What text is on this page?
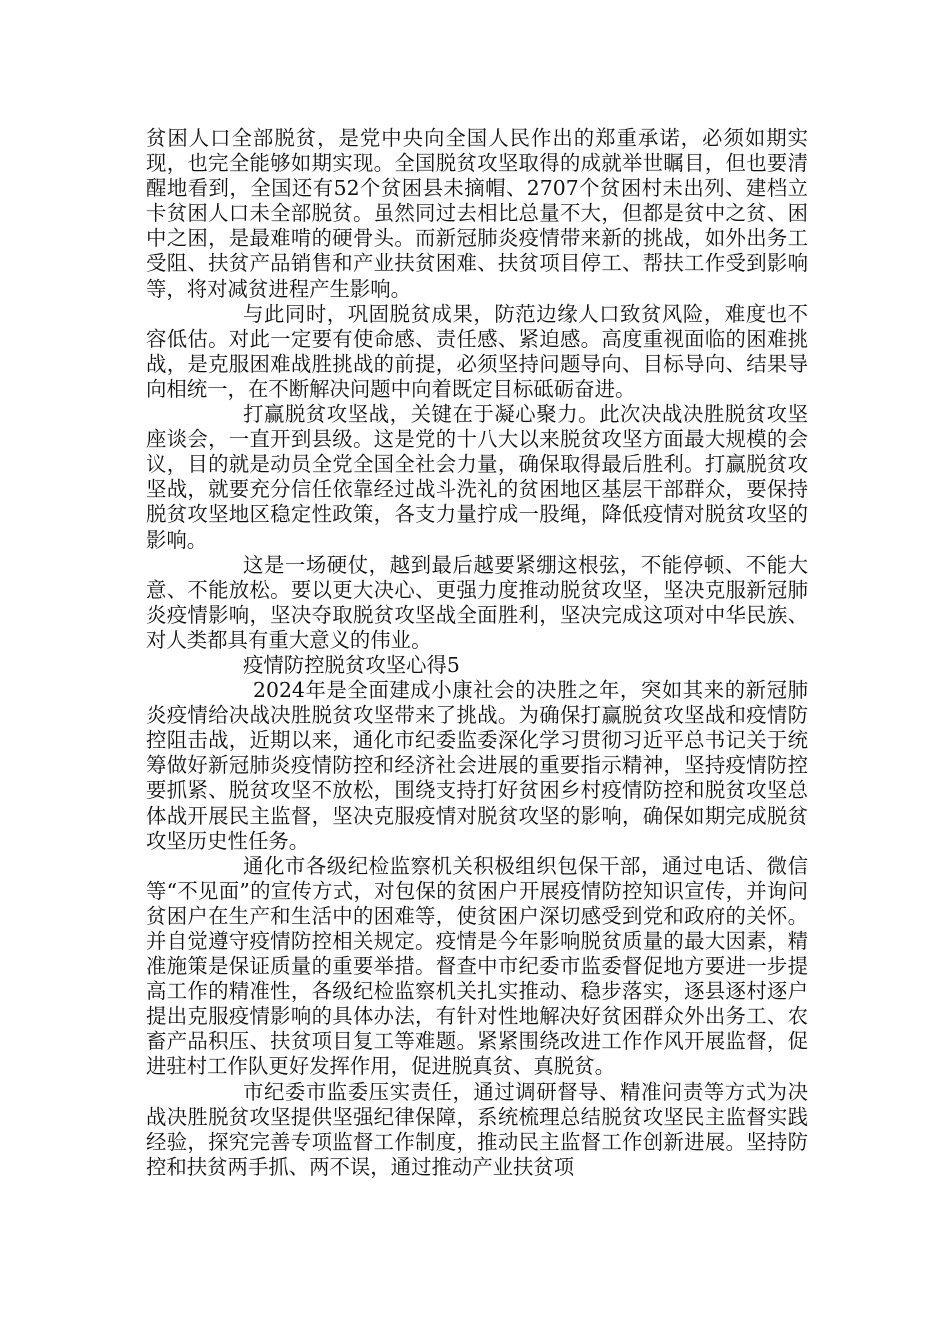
贫困人口全部脱贫，是党中央向全国人民作出的郑重承诺，必须如期实现，也完全能够如期实现。全国脱贫攻坚取得的成就举世瞩目，但也要清醒地看到，全国还有52个贫困县未摘帽、2707个贫困村未出列、建档立卡贫困人口未全部脱贫。虽然同过去相比总量不大，但都是贫中之贫、困中之困，是最难啃的硬骨头。而新冠肺炎疫情带来新的挑战，如外出务工受阻、扶贫产品销售和产业扶贫困难、扶贫项目停工、帮扶工作受到影响等，将对减贫进程产生影响。

与此同时，巩固脱贫成果，防范边缘人口致贫风险，难度也不容低估。对此一定要有使命感、责任感、紧迫感。高度重视面临的困难挑战，是克服困难战胜挑战的前提，必须坚持问题导向、目标导向、结果导向相统一，在不断解决问题中向着既定目标砥砺奋进。

打赢脱贫攻坚战，关键在于凝心聚力。此次决战决胜脱贫攻坚座谈会，一直开到县级。这是党的十八大以来脱贫攻坚方面最大规模的会议，目的就是动员全党全国全社会力量，确保取得最后胜利。打赢脱贫攻坚战，就要充分信任依靠经过战斗洗礼的贫困地区基层干部群众，要保持脱贫攻坚地区稳定性政策，各支力量拧成一股绳，降低疫情对脱贫攻坚的影响。

这是一场硬仗，越到最后越要紧绷这根弦，不能停顿、不能大意、不能放松。要以更大决心、更强力度推动脱贫攻坚，坚决克服新冠肺炎疫情影响，坚决夺取脱贫攻坚战全面胜利，坚决完成这项对中华民族、对人类都具有重大意义的伟业。

疫情防控脱贫攻坚心得5

2024年是全面建成小康社会的决胜之年，突如其来的新冠肺炎疫情给决战决胜脱贫攻坚带来了挑战。为确保打赢脱贫攻坚战和疫情防控阻击战，近期以来，通化市纪委监委深化学习贯彻习近平总书记关于统筹做好新冠肺炎疫情防控和经济社会进展的重要指示精神，坚持疫情防控要抓紧、脱贫攻坚不放松，围绕支持打好贫困乡村疫情防控和脱贫攻坚总体战开展民主监督，坚决克服疫情对脱贫攻坚的影响，确保如期完成脱贫攻坚历史性任务。

通化市各级纪检监察机关积极组织包保干部，通过电话、微信等“不见面”的宣传方式，对包保的贫困户开展疫情防控知识宣传，并询问贫困户在生产和生活中的困难等，使贫困户深切感受到党和政府的关怀。并自觉遵守疫情防控相关规定。疫情是今年影响脱贫质量的最大因素，精准施策是保证质量的重要举措。督查中市纪委市监委督促地方要进一步提高工作的精准性，各级纪检监察机关扎实推动、稳步落实，逐县逐村逐户提出克服疫情影响的具体办法，有针对性地解决好贫困群众外出务工、农畜产品积压、扶贫项目复工等难题。紧紧围绕改进工作作风开展监督，促进驻村工作队更好发挥作用，促进脱真贫、真脱贫。

市纪委市监委压实责任，通过调研督导、精准问责等方式为决战决胜脱贫攻坚提供坚强纪律保障，系统梳理总结脱贫攻坚民主监督实践经验，探究完善专项监督工作制度，推动民主监督工作创新进展。坚持防控和扶贫两手抓、两不误，通过推动产业扶贫项
